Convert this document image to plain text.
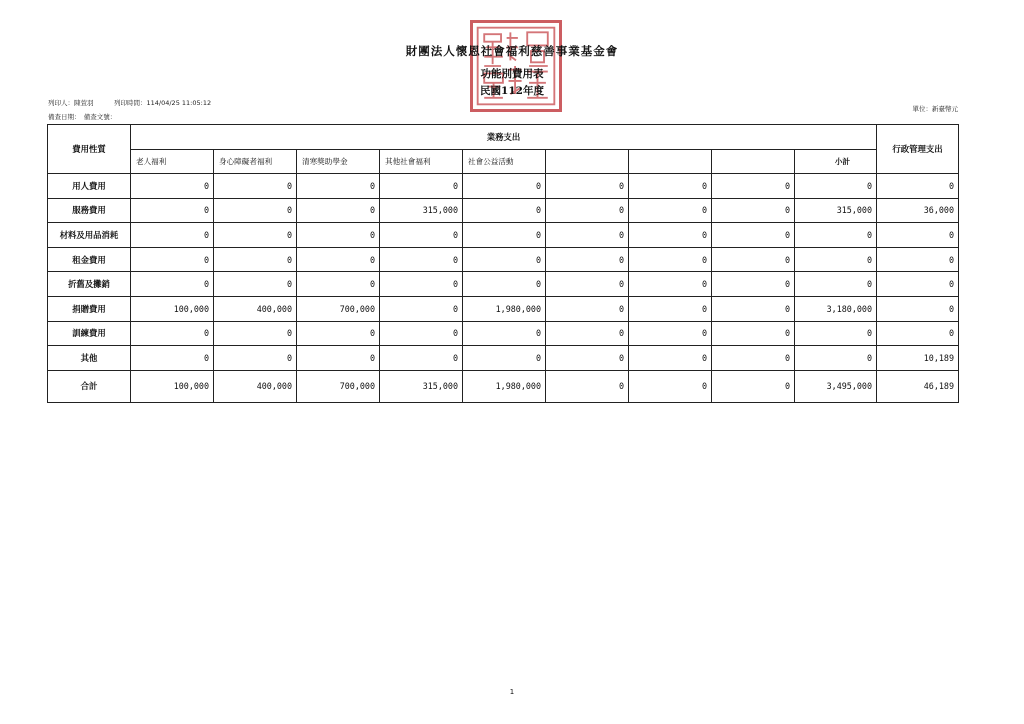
財團法人懷恩社會福利慈善事業基金會
功能別費用表
民國112年度
列印人：陳萱羽	列印時間：114/04/25 11:05:12
備查日期：　備查文號：
單位：新臺幣元
費用性質	業務支出									行政管理支出
	老人福利	身心障礙者福利	清寒獎助學金	其他社會福利	社會公益活動				小計	
用人費用	0	0	0	0	0	0	0	0	0	0
服務費用	0	0	0	315,000	0	0	0	0	315,000	36,000
材料及用品消耗	0	0	0	0	0	0	0	0	0	0
租金費用	0	0	0	0	0	0	0	0	0	0
折舊及攤銷	0	0	0	0	0	0	0	0	0	0
捐贈費用	100,000	400,000	700,000	0	1,980,000	0	0	0	3,180,000	0
訓練費用	0	0	0	0	0	0	0	0	0	0
其他	0	0	0	0	0	0	0	0	0	10,189
合計	100,000	400,000	700,000	315,000	1,980,000	0	0	0	3,495,000	46,189
1
